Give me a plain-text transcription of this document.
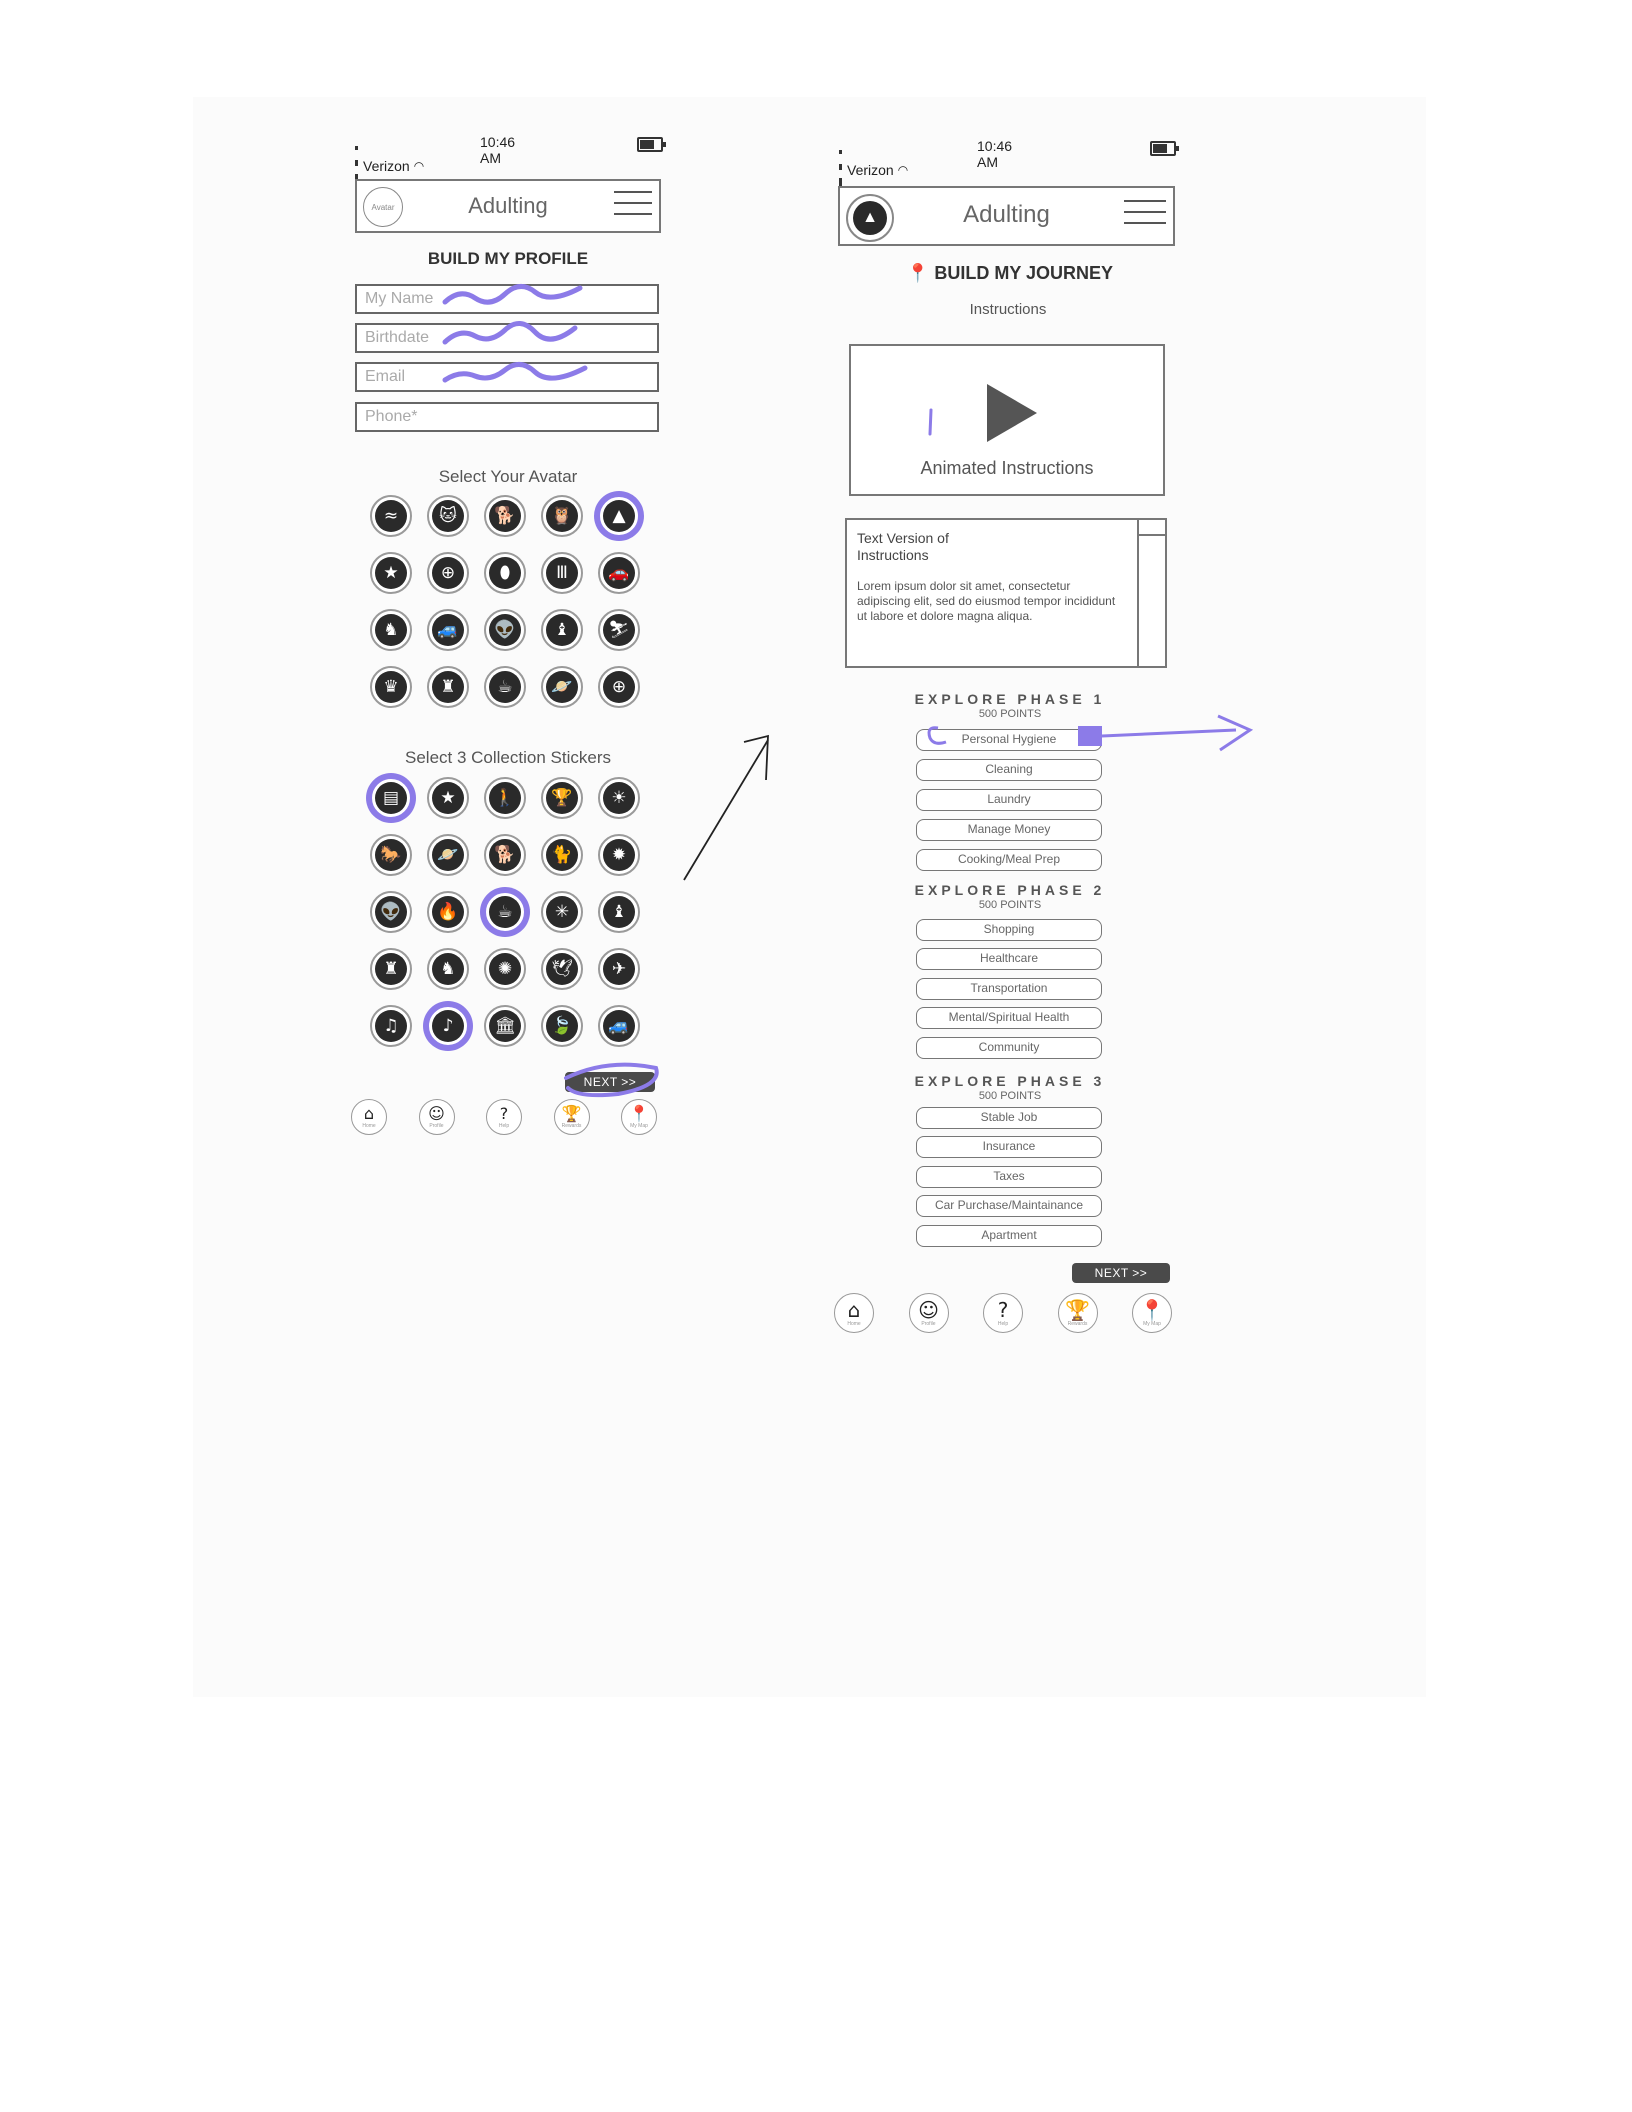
Verizon ◠
10:46 AM
Avatar	Adulting
BUILD MY PROFILE
My Name
Birthdate
Email
Phone*
Select Your Avatar
≈	🐱	🐕	🦉	▲
★	⊕	⬮	Ⅲ	🚗
♞	🚙	👽	♝	⛷
♛	♜	☕	🪐	⊕
Select 3 Collection Stickers
▤	★	🚶	🏆	☀
🐎	🪐	🐕	🐈	✹
👽	🔥	☕	✳	♝
♜	♞	✺	🕊	✈
♫	♪	🏛	🍃	🚙
NEXT >>
⌂
Home
☺
Profile
?
Help
🏆
Rewards
📍
My Map
Verizon ◠
10:46 AM
▲	Adulting
📍 BUILD MY JOURNEY
Instructions
Animated Instructions
Text Version of Instructions
Lorem ipsum dolor sit amet, consectetur adipiscing elit, sed do eiusmod tempor incididunt ut labore et dolore magna aliqua.
EXPLORE PHASE 1
500 POINTS
Personal Hygiene
Cleaning
Laundry
Manage Money
Cooking/Meal Prep
EXPLORE PHASE 2
500 POINTS
Shopping
Healthcare
Transportation
Mental/Spiritual Health
Community
EXPLORE PHASE 3
500 POINTS
Stable Job
Insurance
Taxes
Car Purchase/Maintainance
Apartment
NEXT >>
⌂
Home
☺
Profile
?
Help
🏆
Rewards
📍
My Map
